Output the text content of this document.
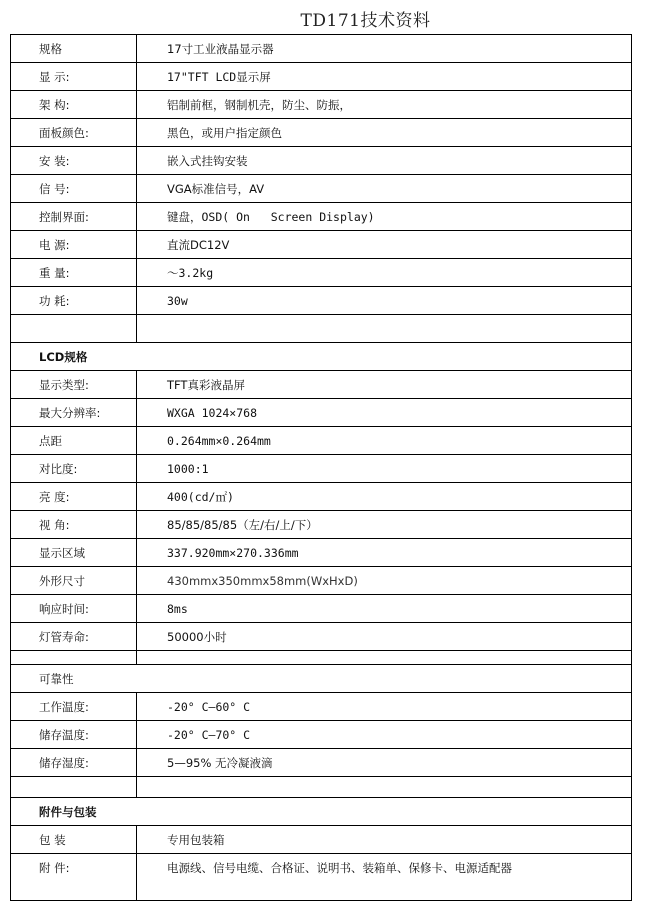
TD171技术资料
规格	17寸工业液晶显示器
显 示:	17"TFT LCD显示屏
架 构:	铝制前框，钢制机壳，防尘、防振，
面板颜色:	黑色，或用户指定颜色
安 装:	嵌入式挂钩安装
信 号:	VGA标准信号，AV
控制界面:	键盘，OSD( On   Screen Display)
电 源:	直流DC12V
重 量:	～3.2kg
功 耗:	30w

LCD规格	
显示类型:	TFT真彩液晶屏
最大分辨率:	WXGA 1024×768
点距	0.264mm×0.264mm
对比度:	1000:1
亮 度:	400(cd/㎡)
视 角:	85/85/85/85（左/右/上/下）
显示区域	337.920mm×270.336mm
外形尺寸	430mmx350mmx58mm(WxHxD)
响应时间:	8ms
灯管寿命:	50000小时

可靠性	
工作温度:	-20° C—60° C
储存温度:	-20° C—70° C
储存湿度:	5—95% 无冷凝液滴

附件与包装	
包 装	专用包装箱
附 件:	电源线、信号电缆、合格证、说明书、装箱单、保修卡、电源适配器
